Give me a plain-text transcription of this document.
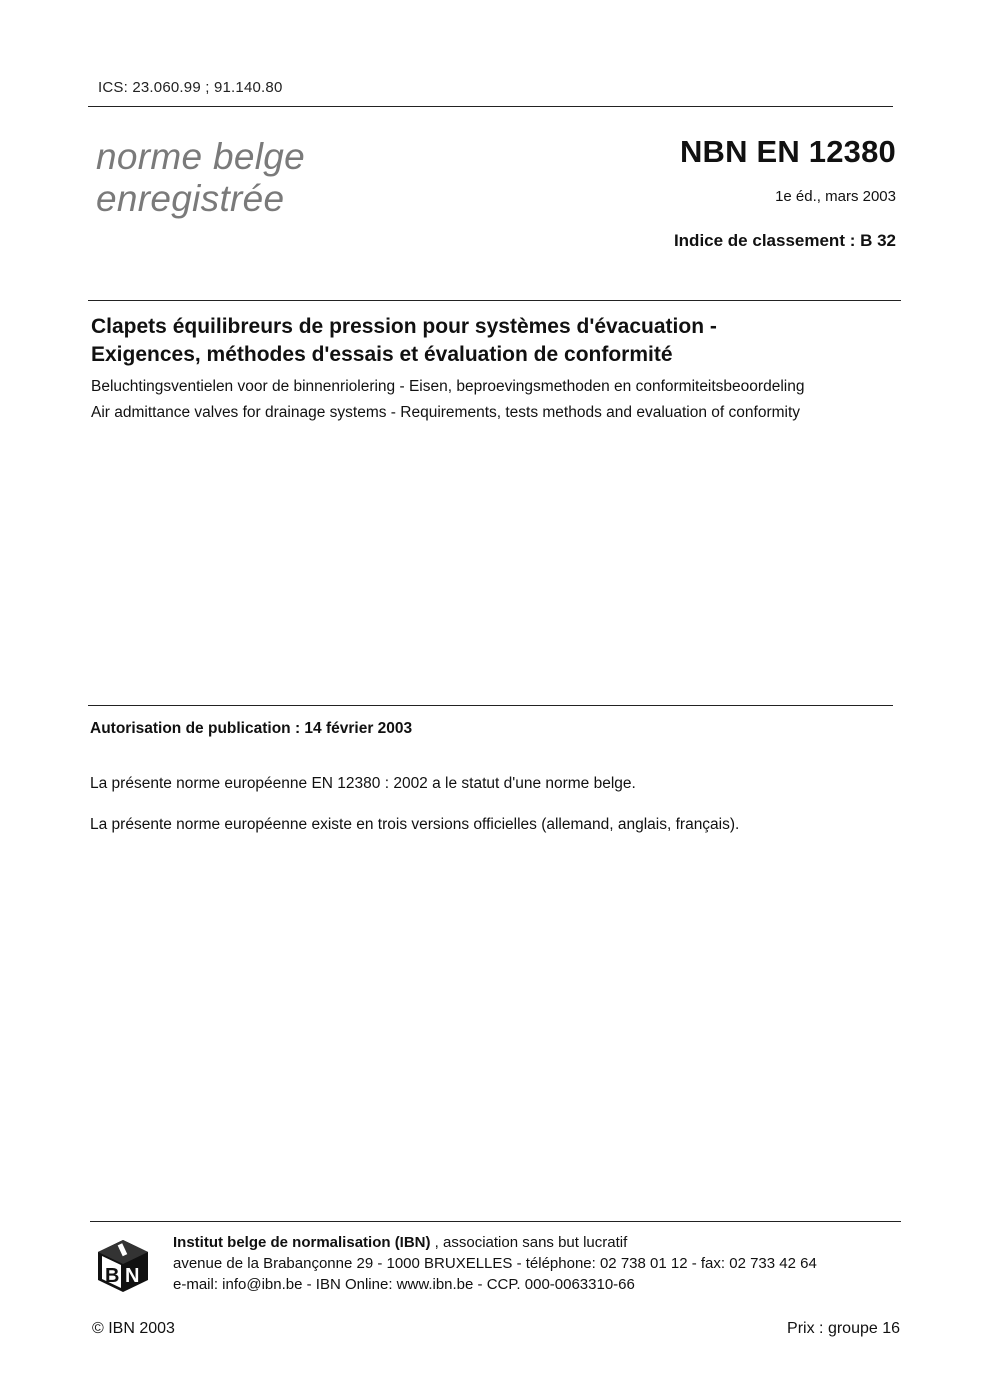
ICS: 23.060.99 ; 91.140.80
norme belge
enregistrée
NBN EN 12380
1e éd., mars 2003
Indice de classement : B 32
Clapets équilibreurs de pression pour systèmes d'évacuation -
Exigences, méthodes d'essais et évaluation de conformité
Beluchtingsventielen voor de binnenriolering - Eisen, beproevingsmethoden en conformiteitsbeoordeling
Air admittance valves for drainage systems - Requirements, tests methods and evaluation of conformity
Autorisation de publication : 14 février 2003
La présente norme européenne EN 12380 : 2002 a le statut d'une norme belge.
La présente norme européenne existe en trois versions officielles (allemand, anglais, français).
B N
Institut belge de normalisation (IBN) , association sans but lucratif
avenue de la Brabançonne 29 - 1000 BRUXELLES - téléphone: 02 738 01 12 - fax: 02 733 42 64
e-mail: info@ibn.be - IBN Online: www.ibn.be - CCP. 000-0063310-66
© IBN 2003	Prix : groupe 16
